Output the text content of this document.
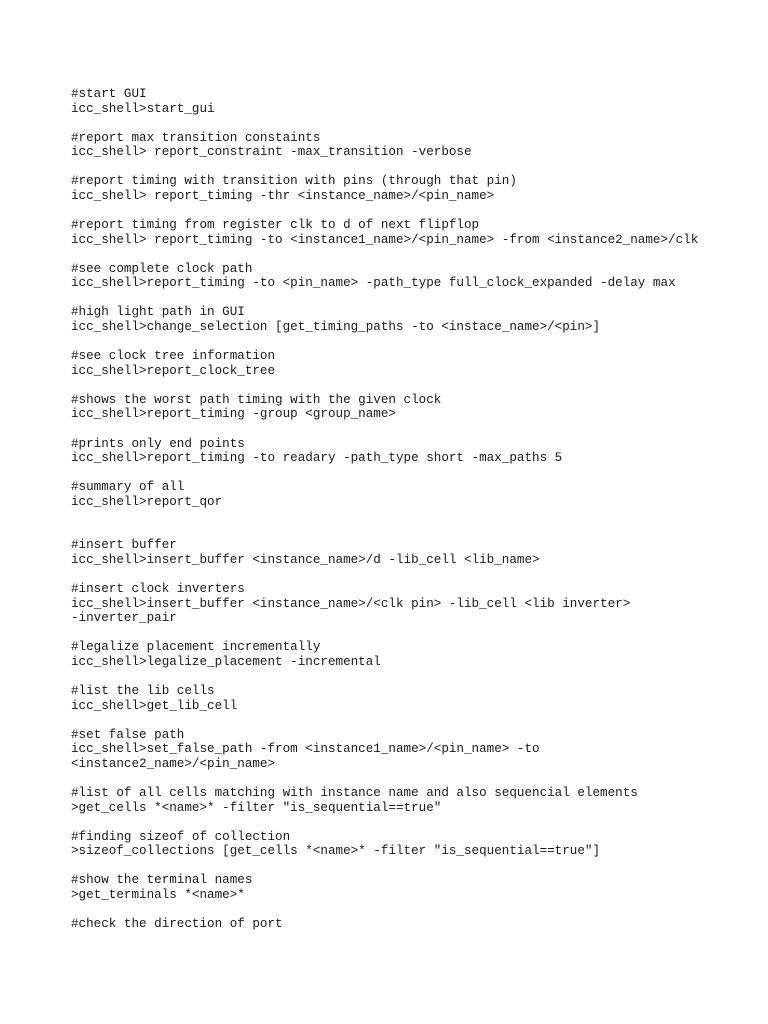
#start GUI
icc_shell>start_gui
#report max transition constaints
icc_shell> report_constraint -max_transition -verbose
#report timing with transition with pins (through that pin)
icc_shell> report_timing -thr <instance_name>/<pin_name>
#report timing from register clk to d of next flipflop
icc_shell> report_timing -to <instance1_name>/<pin_name> -from <instance2_name>/clk
#see complete clock path
icc_shell>report_timing -to <pin_name> -path_type full_clock_expanded -delay max
#high light path in GUI
icc_shell>change_selection [get_timing_paths -to <instace_name>/<pin>]
#see clock tree information
icc_shell>report_clock_tree
#shows the worst path timing with the given clock
icc_shell>report_timing -group <group_name>
#prints only end points
icc_shell>report_timing -to readary -path_type short -max_paths 5
#summary of all
icc_shell>report_qor
#insert buffer
icc_shell>insert_buffer <instance_name>/d -lib_cell <lib_name>
#insert clock inverters
icc_shell>insert_buffer <instance_name>/<clk pin> -lib_cell <lib inverter>
-inverter_pair
#legalize placement incrementally
icc_shell>legalize_placement -incremental
#list the lib cells
icc_shell>get_lib_cell
#set false path
icc_shell>set_false_path -from <instance1_name>/<pin_name> -to
<instance2_name>/<pin_name>
#list of all cells matching with instance name and also sequencial elements
>get_cells *<name>* -filter "is_sequential==true"
#finding sizeof of collection
>sizeof_collections [get_cells *<name>* -filter "is_sequential==true"]
#show the terminal names
>get_terminals *<name>*
#check the direction of port
